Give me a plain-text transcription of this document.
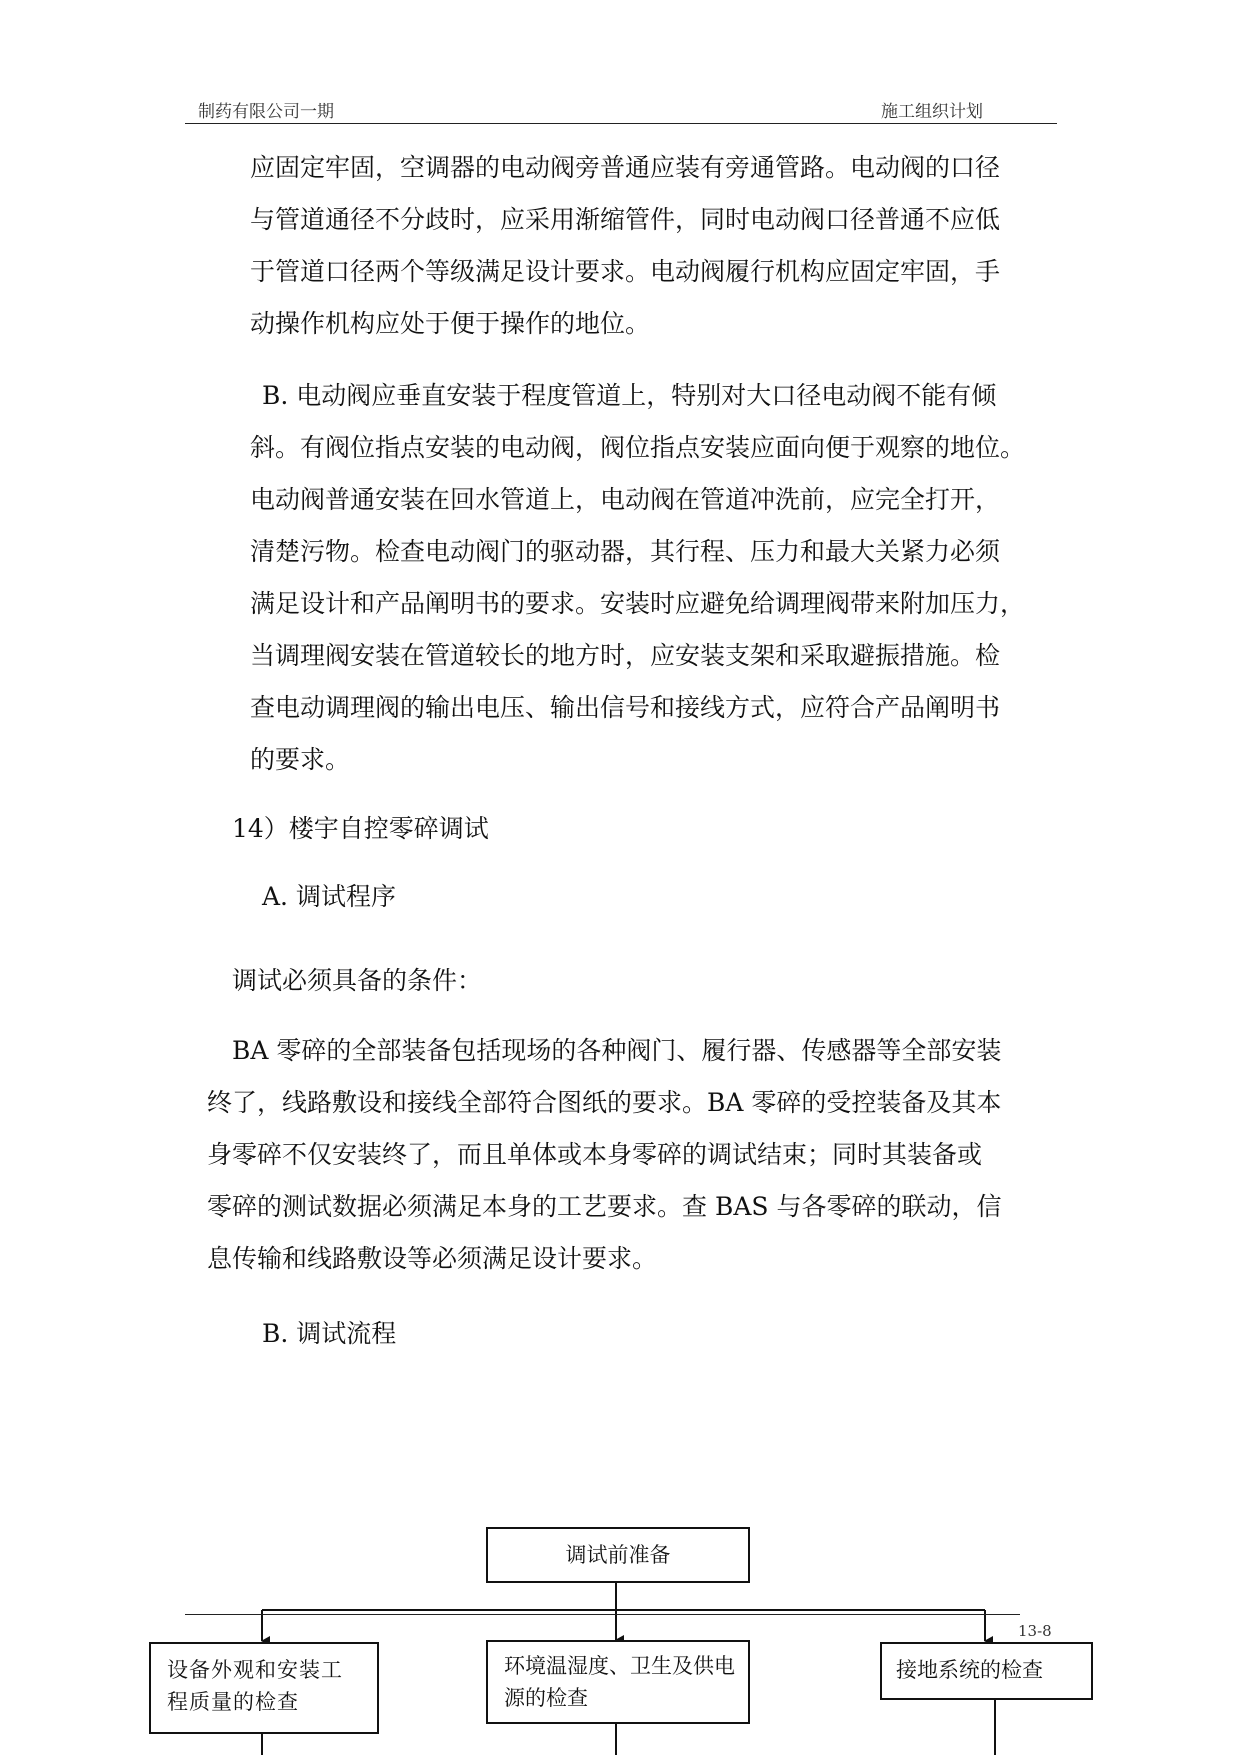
制药有限公司一期	施工组织计划
应固定牢固，空调器的电动阀旁普通应装有旁通管路。电动阀的口径
与管道通径不分歧时，应采用渐缩管件，同时电动阀口径普通不应低
于管道口径两个等级满足设计要求。电动阀履行机构应固定牢固，手
动操作机构应处于便于操作的地位。
B. 电动阀应垂直安装于程度管道上，特别对大口径电动阀不能有倾
斜。有阀位指点安装的电动阀，阀位指点安装应面向便于观察的地位。
电动阀普通安装在回水管道上，电动阀在管道冲洗前，应完全打开，
清楚污物。检查电动阀门的驱动器，其行程、压力和最大关紧力必须
满足设计和产品阐明书的要求。安装时应避免给调理阀带来附加压力，
当调理阀安装在管道较长的地方时，应安装支架和采取避振措施。检
查电动调理阀的输出电压、输出信号和接线方式，应符合产品阐明书
的要求。
14）楼宇自控零碎调试
A. 调试程序
调试必须具备的条件：
BA 零碎的全部装备包括现场的各种阀门、履行器、传感器等全部安装
终了，线路敷设和接线全部符合图纸的要求。BA 零碎的受控装备及其本
身零碎不仅安装终了，而且单体或本身零碎的调试结束；同时其装备或
零碎的测试数据必须满足本身的工艺要求。查 BAS 与各零碎的联动，信
息传输和线路敷设等必须满足设计要求。
B. 调试流程
13-8
调试前准备
设备外观和安装工
程质量的检查
环境温湿度、卫生及供电
源的检查
接地系统的检查
